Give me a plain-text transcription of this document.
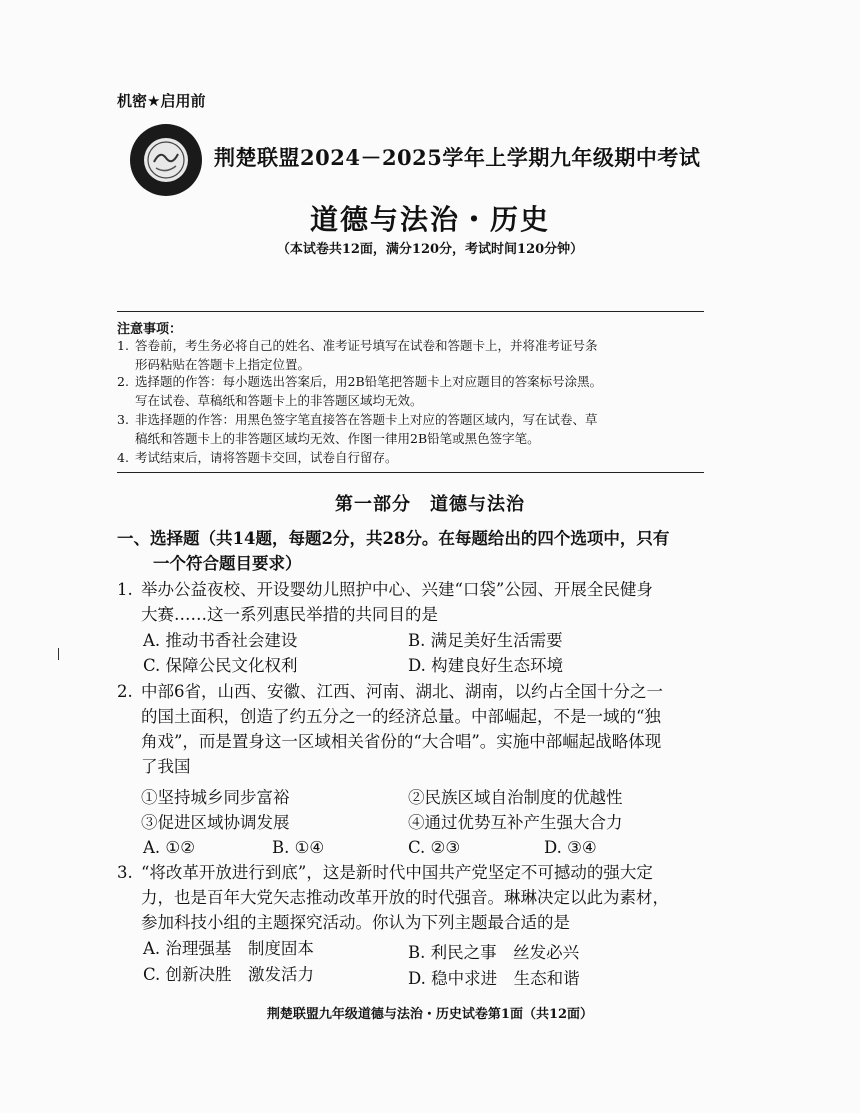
机密★启用前
荆楚联盟2024－2025学年上学期九年级期中考试
道德与法治・历史
（本试卷共12面，满分120分，考试时间120分钟）
注意事项：
1. 答卷前，考生务必将自己的姓名、准考证号填写在试卷和答题卡上，并将准考证号条
形码粘贴在答题卡上指定位置。
2. 选择题的作答：每小题选出答案后，用2B铅笔把答题卡上对应题目的答案标号涂黑。
写在试卷、草稿纸和答题卡上的非答题区域均无效。
3. 非选择题的作答：用黑色签字笔直接答在答题卡上对应的答题区域内，写在试卷、草
稿纸和答题卡上的非答题区域均无效、作图一律用2B铅笔或黑色签字笔。
4. 考试结束后，请将答题卡交回，试卷自行留存。
第一部分　道德与法治
一、选择题（共14题，每题2分，共28分。在每题给出的四个选项中，只有
一个符合题目要求）
1. 举办公益夜校、开设婴幼儿照护中心、兴建“口袋”公园、开展全民健身
大赛……这一系列惠民举措的共同目的是
A. 推动书香社会建设	B. 满足美好生活需要
C. 保障公民文化权利	D. 构建良好生态环境
2. 中部6省，山西、安徽、江西、河南、湖北、湖南，以约占全国十分之一
的国土面积，创造了约五分之一的经济总量。中部崛起，不是一域的“独
角戏”，而是置身这一区域相关省份的“大合唱”。实施中部崛起战略体现
了我国
①坚持城乡同步富裕	②民族区域自治制度的优越性
③促进区域协调发展	④通过优势互补产生强大合力
A. ①②	B. ①④	C. ②③	D. ③④
3. “将改革开放进行到底”，这是新时代中国共产党坚定不可撼动的强大定
力，也是百年大党矢志推动改革开放的时代强音。琳琳决定以此为素材，
参加科技小组的主题探究活动。你认为下列主题最合适的是
A. 治理强基　制度固本	B. 利民之事　丝发必兴
C. 创新决胜　激发活力	D. 稳中求进　生态和谐
荆楚联盟九年级道德与法治・历史试卷第1面（共12面）
